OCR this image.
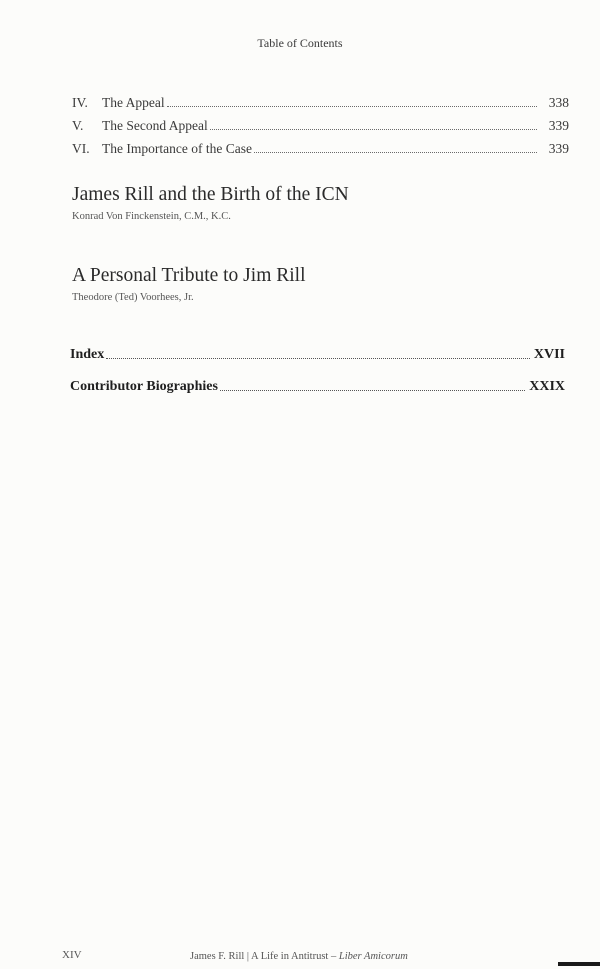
Table of Contents
IV.	The Appeal	338
V.	The Second Appeal	339
VI. The Importance of the Case	339
James Rill and the Birth of the ICN
Konrad Von Finckenstein, C.M., K.C.
A Personal Tribute to Jim Rill
Theodore (Ted) Voorhees, Jr.
Index	XVII
Contributor Biographies	XXIX
XIV	James F. Rill | A Life in Antitrust – Liber Amicorum
